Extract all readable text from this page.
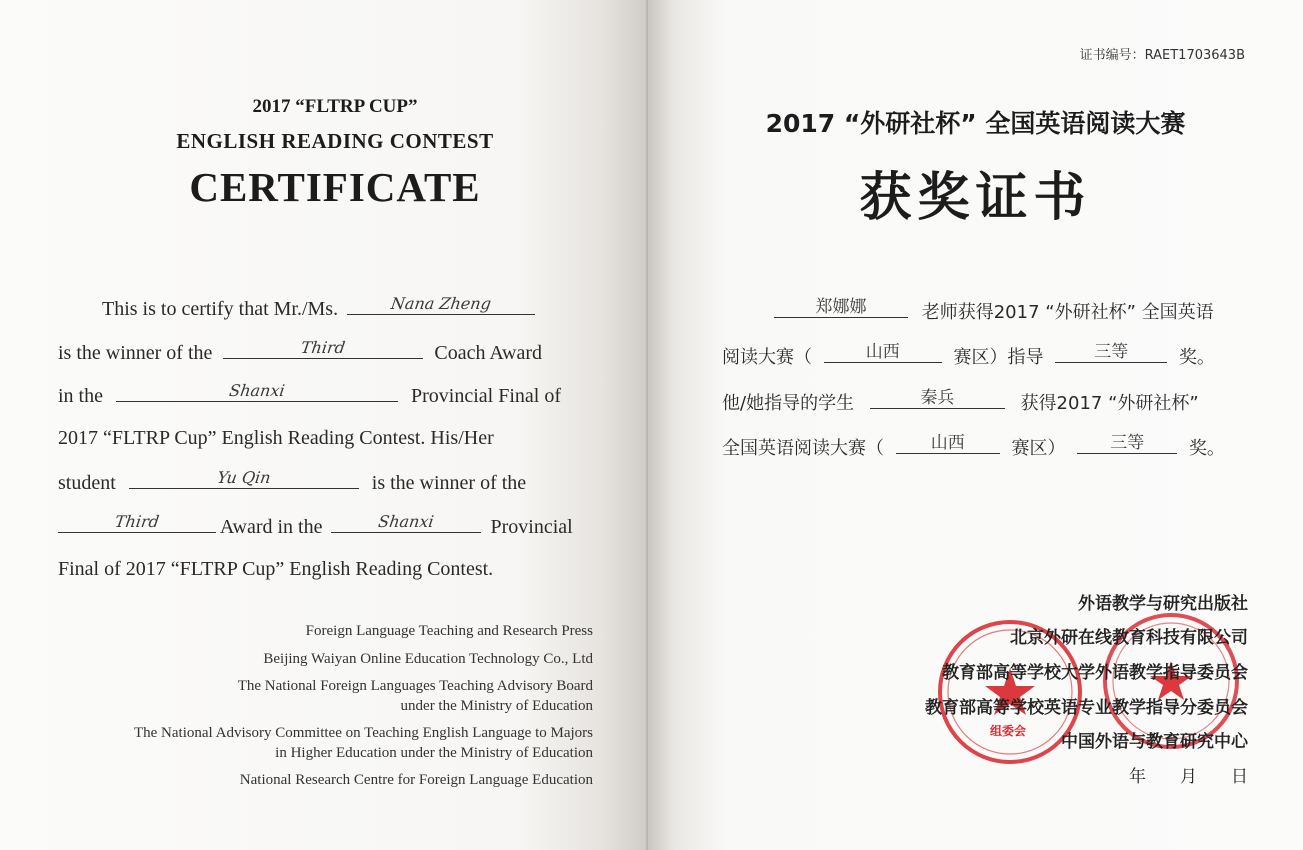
2017 “FLTRP CUP”
ENGLISH READING CONTEST
CERTIFICATE
This is to certify that Mr./Ms.	Nana Zheng
is the winner of the	Third	Coach Award
in the	Shanxi	Provincial Final of
2017 “FLTRP Cup” English Reading Contest. His/Her
student	Yu Qin	is the winner of the
Third	Award in the	Shanxi	Provincial
Final of 2017 “FLTRP Cup” English Reading Contest.
Foreign Language Teaching and Research Press
Beijing Waiyan Online Education Technology Co., Ltd
The National Foreign Languages Teaching Advisory Board
under the Ministry of Education
The National Advisory Committee on Teaching English Language to Majors
in Higher Education under the Ministry of Education
National Research Centre for Foreign Language Education
证书编号：RAET1703643B
2017 “外研社杯” 全国英语阅读大赛
获奖证书
郑娜娜	老师获得2017 “外研社杯” 全国英语
阅读大赛（	山西	赛区）指导	三等	奖。
他/她指导的学生	秦兵	获得2017 “外研社杯”
全国英语阅读大赛（	山西	赛区）	三等	奖。
组委会
外语教学与研究出版社
北京外研在线教育科技有限公司
教育部高等学校大学外语教学指导委员会
教育部高等学校英语专业教学指导分委员会
中国外语与教育研究中心
年　　月　　日
